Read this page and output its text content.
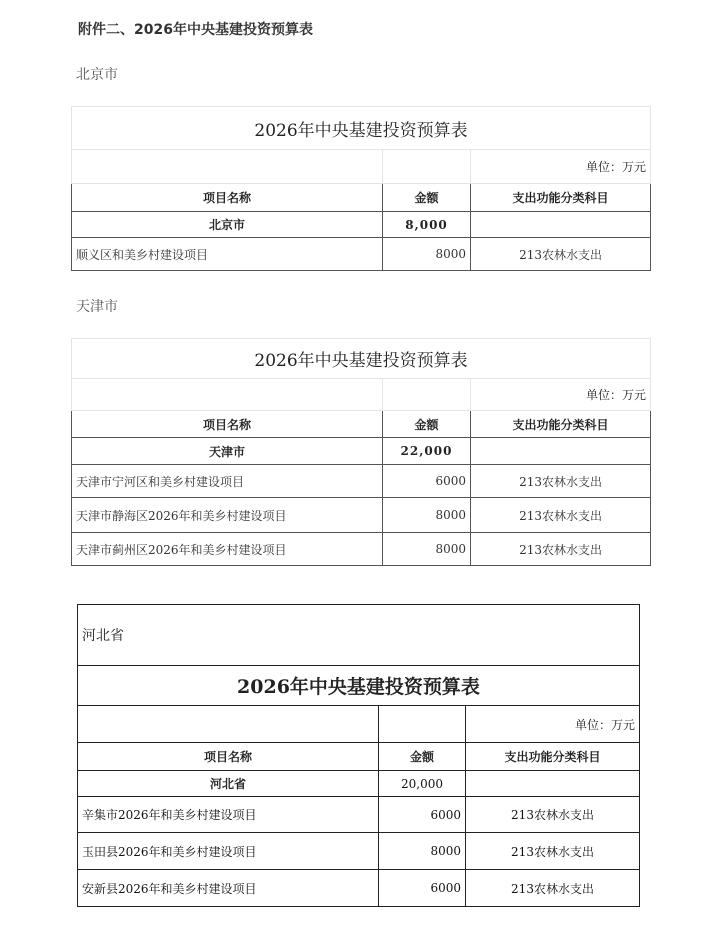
附件二、2026年中央基建投资预算表
北京市
2026年中央基建投资预算表		
		单位：万元
项目名称	金额	支出功能分类科目
北京市	8,000	
顺义区和美乡村建设项目	8000	213农林水支出
天津市
2026年中央基建投资预算表		
		单位：万元
项目名称	金额	支出功能分类科目
天津市	22,000	
天津市宁河区和美乡村建设项目	6000	213农林水支出
天津市静海区2026年和美乡村建设项目	8000	213农林水支出
天津市蓟州区2026年和美乡村建设项目	8000	213农林水支出
河北省		
2026年中央基建投资预算表		
		单位：万元
项目名称	金额	支出功能分类科目
河北省	20,000	
辛集市2026年和美乡村建设项目	6000	213农林水支出
玉田县2026年和美乡村建设项目	8000	213农林水支出
安新县2026年和美乡村建设项目	6000	213农林水支出
